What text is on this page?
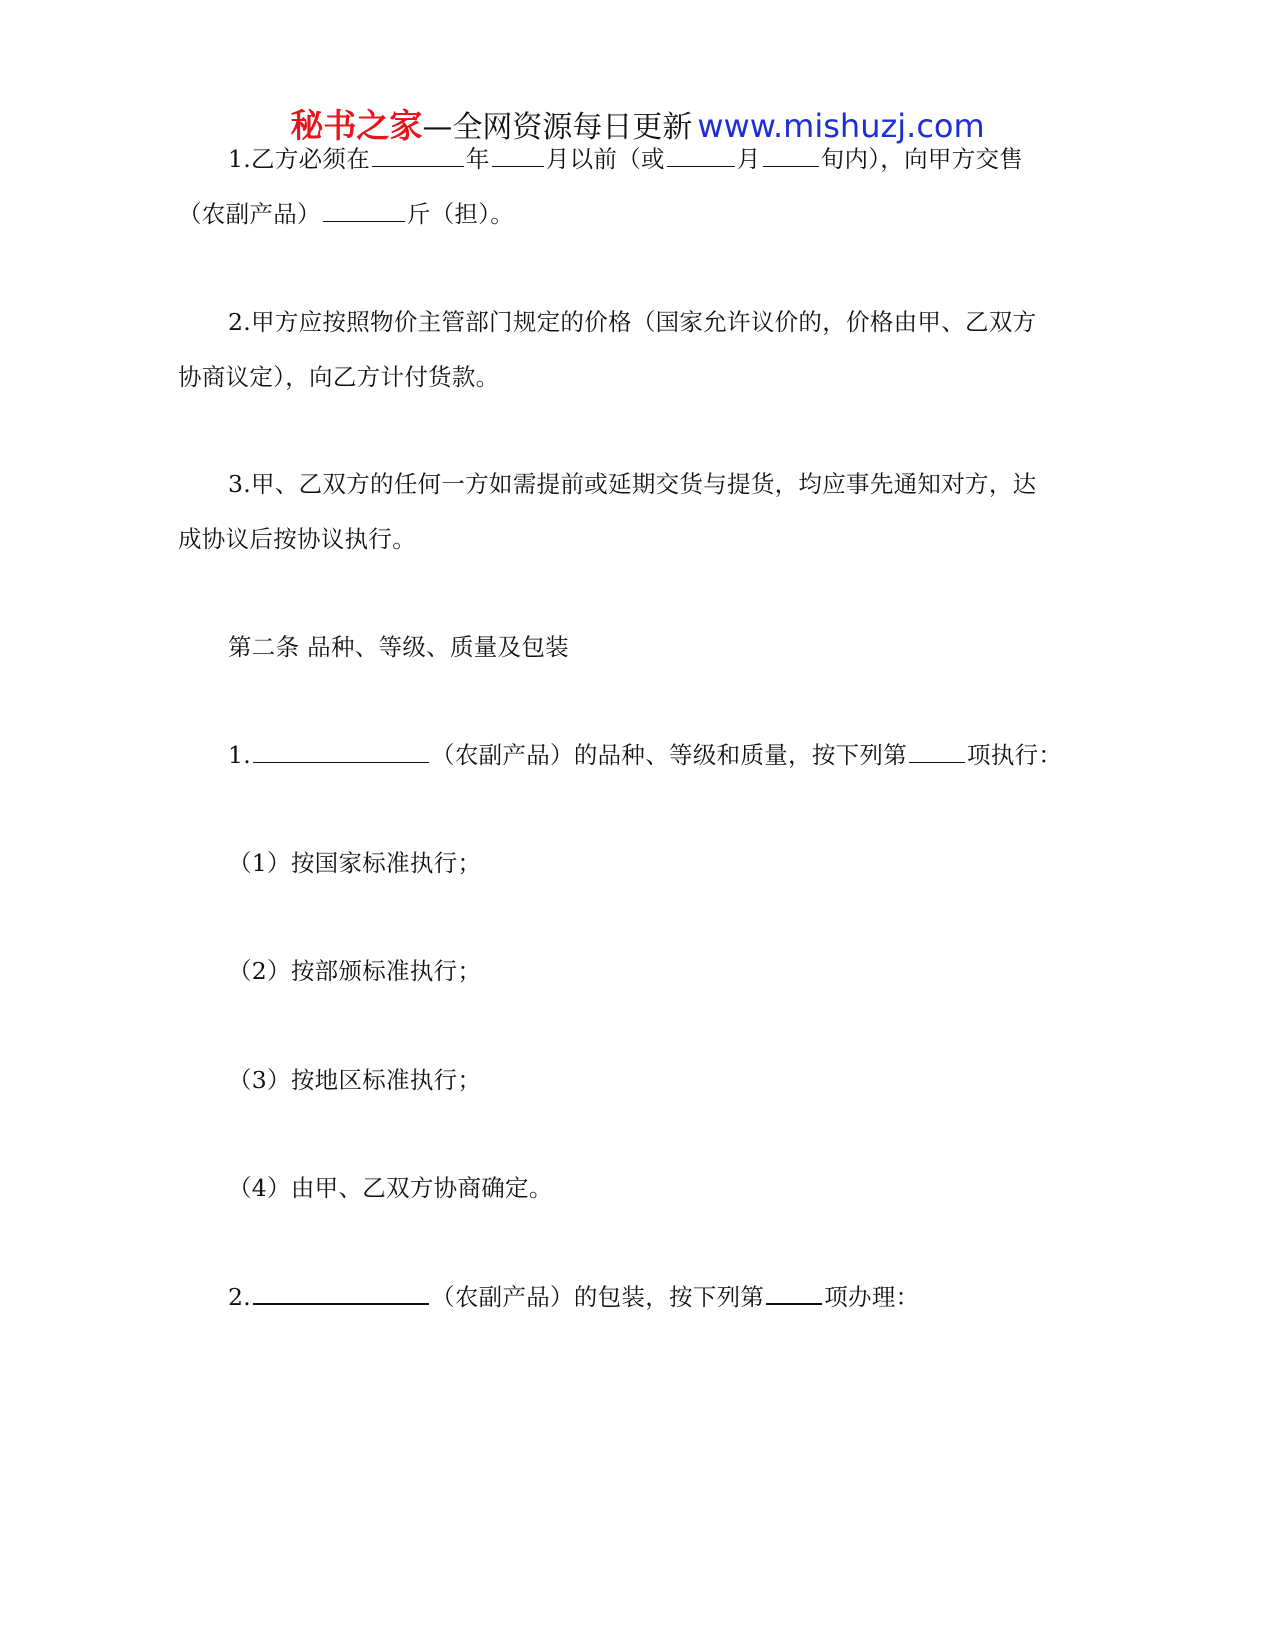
秘书之家—全网资源每日更新 www.mishuzj.com
1.乙方必须在	年 月以前（或	月	旬内），向甲方交售
（农副产品）	斤（担）。
2.甲方应按照物价主管部门规定的价格（国家允许议价的，价格由甲、乙双方
协商议定），向乙方计付货款。
3.甲、乙双方的任何一方如需提前或延期交货与提货，均应事先通知对方，达
成协议后按协议执行。
第二条 品种、等级、质量及包装
1.	（农副产品）的品种、等级和质量，按下列第	项执行：
（1）按国家标准执行；
（2）按部颁标准执行；
（3）按地区标准执行；
（4）由甲、乙双方协商确定。
2.	（农副产品）的包装，按下列第	项办理：
